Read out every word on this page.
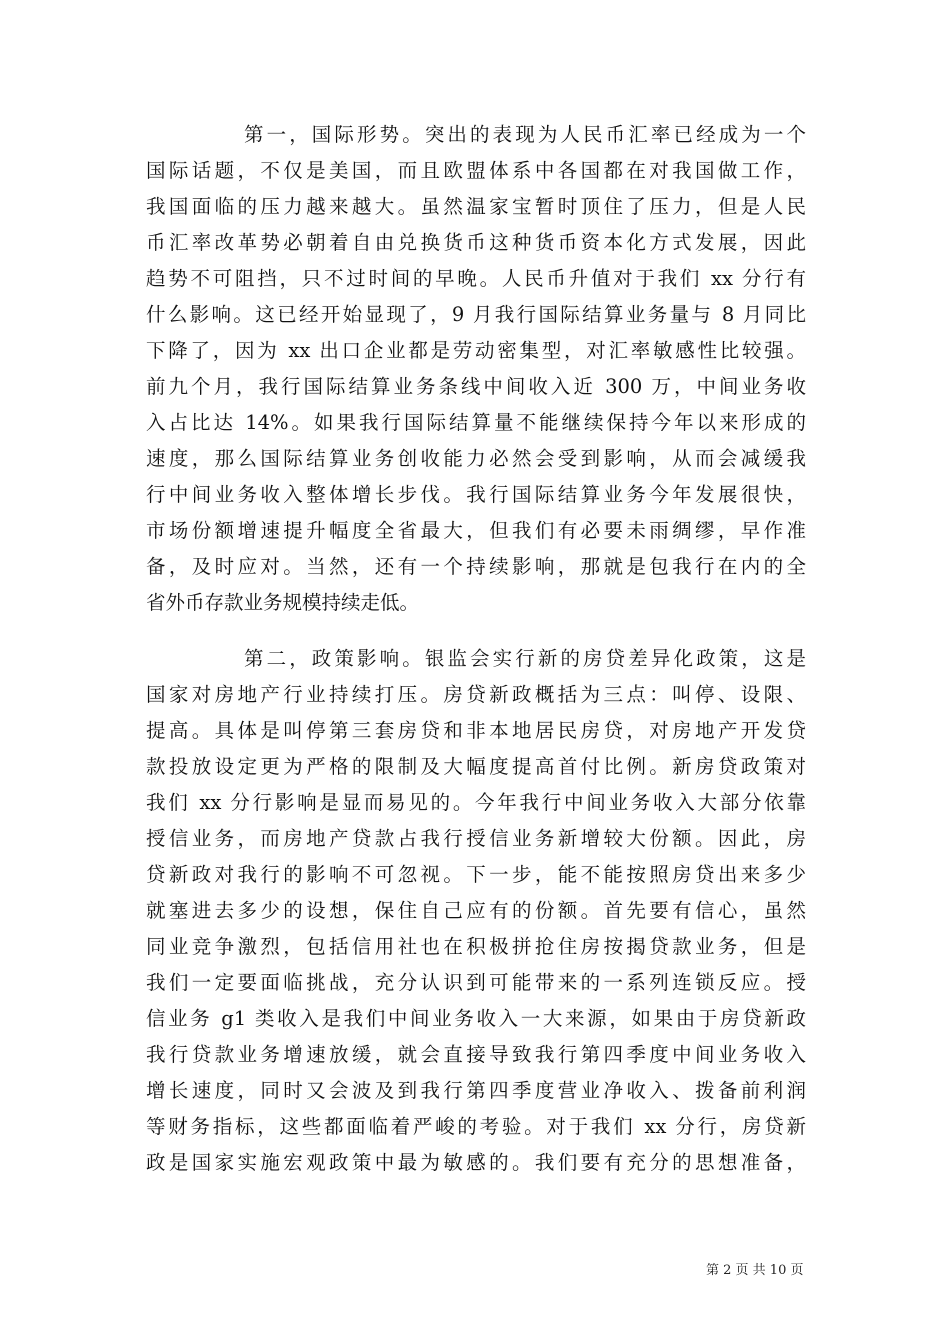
第一，国际形势。突出的表现为人民币汇率已经成为一个
国际话题，不仅是美国，而且欧盟体系中各国都在对我国做工作，
我国面临的压力越来越大。虽然温家宝暂时顶住了压力，但是人民
币汇率改革势必朝着自由兑换货币这种货币资本化方式发展，因此
趋势不可阻挡，只不过时间的早晚。人民币升值对于我们 xx 分行有
什么影响。这已经开始显现了，9 月我行国际结算业务量与 8 月同比
下降了，因为 xx 出口企业都是劳动密集型，对汇率敏感性比较强。
前九个月，我行国际结算业务条线中间收入近 300 万，中间业务收
入占比达 14%。如果我行国际结算量不能继续保持今年以来形成的
速度，那么国际结算业务创收能力必然会受到影响，从而会减缓我
行中间业务收入整体增长步伐。我行国际结算业务今年发展很快，
市场份额增速提升幅度全省最大，但我们有必要未雨绸缪，早作准
备，及时应对。当然，还有一个持续影响，那就是包我行在内的全
省外币存款业务规模持续走低。
第二，政策影响。银监会实行新的房贷差异化政策，这是
国家对房地产行业持续打压。房贷新政概括为三点：叫停、设限、
提高。具体是叫停第三套房贷和非本地居民房贷，对房地产开发贷
款投放设定更为严格的限制及大幅度提高首付比例。新房贷政策对
我们 xx 分行影响是显而易见的。今年我行中间业务收入大部分依靠
授信业务，而房地产贷款占我行授信业务新增较大份额。因此，房
贷新政对我行的影响不可忽视。下一步，能不能按照房贷出来多少
就塞进去多少的设想，保住自己应有的份额。首先要有信心，虽然
同业竞争激烈，包括信用社也在积极拼抢住房按揭贷款业务，但是
我们一定要面临挑战，充分认识到可能带来的一系列连锁反应。授
信业务 g1 类收入是我们中间业务收入一大来源，如果由于房贷新政
我行贷款业务增速放缓，就会直接导致我行第四季度中间业务收入
增长速度，同时又会波及到我行第四季度营业净收入、拨备前利润
等财务指标，这些都面临着严峻的考验。对于我们 xx 分行，房贷新
政是国家实施宏观政策中最为敏感的。我们要有充分的思想准备，
第 2 页 共 10 页
